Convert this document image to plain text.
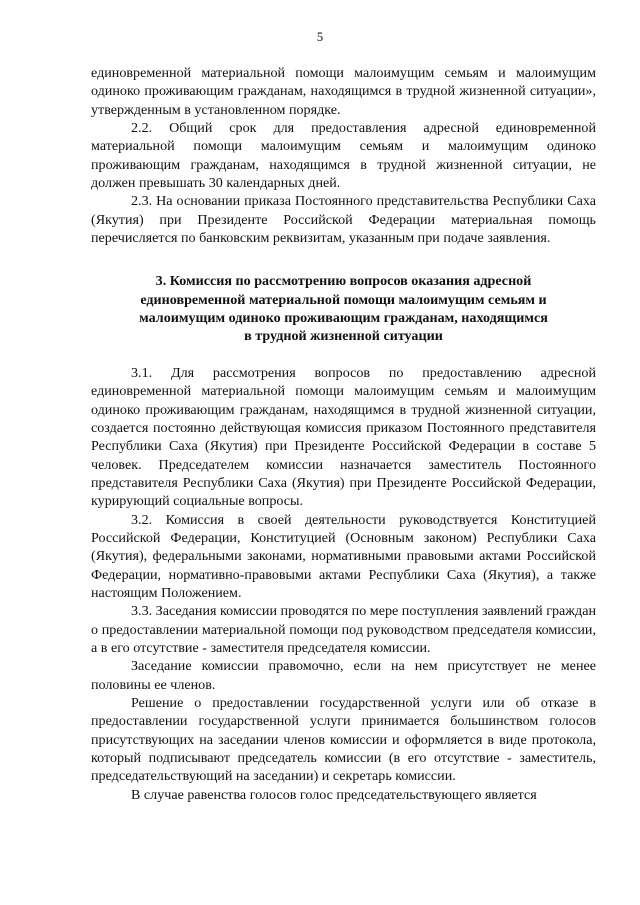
5

единовременной материальной помощи малоимущим семьям и малоимущим одиноко проживающим гражданам, находящимся в трудной жизненной ситуации», утвержденным в установленном порядке.

2.2. Общий срок для предоставления адресной единовременной материальной помощи малоимущим семьям и малоимущим одиноко проживающим гражданам, находящимся в трудной жизненной ситуации, не должен превышать 30 календарных дней.

2.3. На основании приказа Постоянного представительства Республики Саха (Якутия) при Президенте Российской Федерации материальная помощь перечисляется по банковским реквизитам, указанным при подаче заявления.

3. Комиссия по рассмотрению вопросов оказания адресной
единовременной материальной помощи малоимущим семьям и
малоимущим одиноко проживающим гражданам, находящимся
в трудной жизненной ситуации

3.1. Для рассмотрения вопросов по предоставлению адресной единовременной материальной помощи малоимущим семьям и малоимущим одиноко проживающим гражданам, находящимся в трудной жизненной ситуации, создается постоянно действующая комиссия приказом Постоянного представителя Республики Саха (Якутия) при Президенте Российской Федерации в составе 5 человек. Председателем комиссии назначается заместитель Постоянного представителя Республики Саха (Якутия) при Президенте Российской Федерации, курирующий социальные вопросы.

3.2. Комиссия в своей деятельности руководствуется Конституцией Российской Федерации, Конституцией (Основным законом) Республики Саха (Якутия), федеральными законами, нормативными правовыми актами Российской Федерации, нормативно-правовыми актами Республики Саха (Якутия), а также настоящим Положением.

3.3. Заседания комиссии проводятся по мере поступления заявлений граждан о предоставлении материальной помощи под руководством председателя комиссии, а в его отсутствие - заместителя председателя комиссии.

Заседание комиссии правомочно, если на нем присутствует не менее половины ее членов.

Решение о предоставлении государственной услуги или об отказе в предоставлении государственной услуги принимается большинством голосов присутствующих на заседании членов комиссии и оформляется в виде протокола, который подписывают председатель комиссии (в его отсутствие - заместитель, председательствующий на заседании) и секретарь комиссии.

В случае равенства голосов голос председательствующего является
